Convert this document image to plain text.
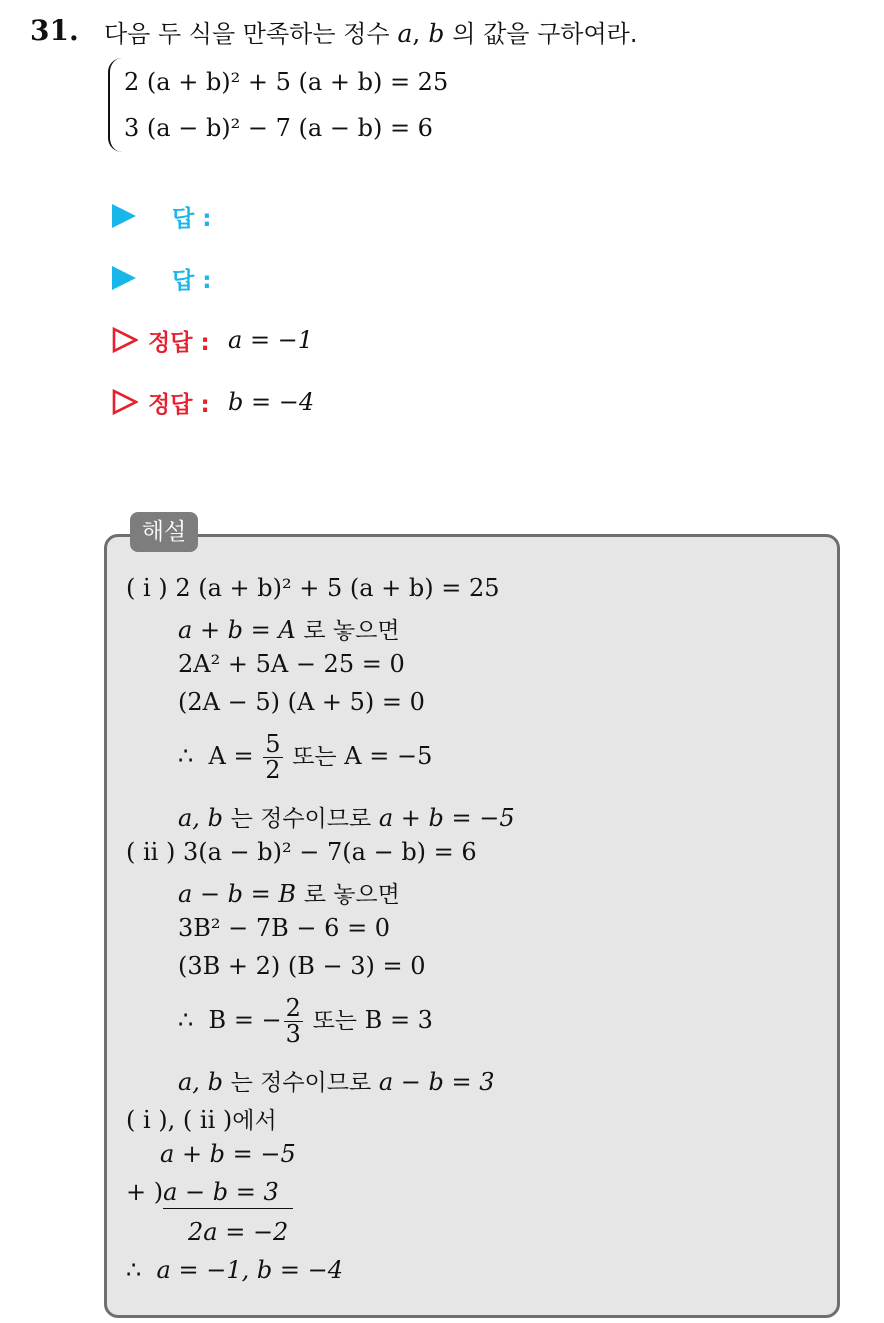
31. 다음 두 식을 만족하는 정수 a, b 의 값을 구하여라.
2 (a + b)² + 5 (a + b) = 25
3 (a − b)² − 7 (a − b) = 6
답 :
답 :
정답 : a = −1
정답 : b = −4
해설
( i ) 2 (a + b)² + 5 (a + b) = 25
a + b = A 로 놓으면
2A² + 5A − 25 = 0
(2A − 5) (A + 5) = 0
∴ $A = \frac{5}{2}$ 또는 A = −5
a, b 는 정수이므로 a + b = −5
( ii ) 3(a − b)² − 7(a − b) = 6
a − b = B 로 놓으면
3B² − 7B − 6 = 0
(3B + 2) (B − 3) = 0
∴ B = − $\frac{2}{3}$ 또는 B = 3
a, b 는 정수이므로 a − b = 3
( i ), ( ii )에서
a + b = −5
+ )a − b = 3
2a = −2
∴ a = −1, b = −4
